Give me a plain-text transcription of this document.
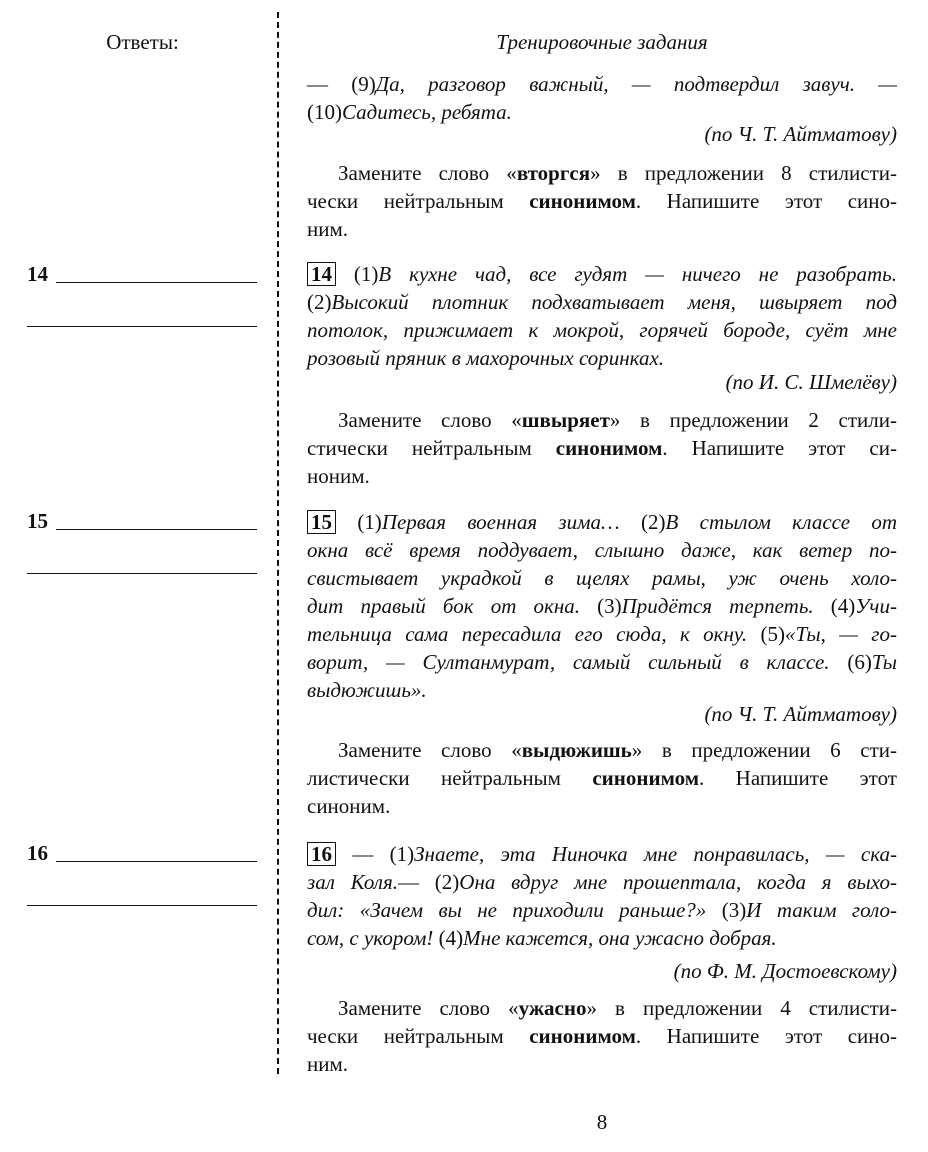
Ответы:	Тренировочные задания
14
15
16
— (9)Да, разговор важный, — подтвердил завуч. —
(10)Садитесь, ребята.
(по Ч. Т. Айтматову)
Замените слово «вторгся» в предложении 8 стилисти-
чески нейтральным синонимом. Напишите этот сино-
ним.
14 (1)В кухне чад, все гудят — ничего не разобрать.
(2)Высокий плотник подхватывает меня, швыряет под
потолок, прижимает к мокрой, горячей бороде, суёт мне
розовый пряник в махорочных соринках.
(по И. С. Шмелёву)
Замените слово «швыряет» в предложении 2 стили-
стически нейтральным синонимом. Напишите этот си-
ноним.
15 (1)Первая военная зима… (2)В стылом классе от
окна всё время поддувает, слышно даже, как ветер по-
свистывает украдкой в щелях рамы, уж очень холо-
дит правый бок от окна. (3)Придётся терпеть. (4)Учи-
тельница сама пересадила его сюда, к окну. (5)«Ты, — го-
ворит, — Султанмурат, самый сильный в классе. (6)Ты
выдюжишь».
(по Ч. Т. Айтматову)
Замените слово «выдюжишь» в предложении 6 сти-
листически нейтральным синонимом. Напишите этот
синоним.
16 — (1)Знаете, эта Ниночка мне понравилась, — ска-
зал Коля.— (2)Она вдруг мне прошептала, когда я выхо-
дил: «Зачем вы не приходили раньше?» (3)И таким голо-
сом, с укором! (4)Мне кажется, она ужасно добрая.
(по Ф. М. Достоевскому)
Замените слово «ужасно» в предложении 4 стилисти-
чески нейтральным синонимом. Напишите этот сино-
ним.
8
